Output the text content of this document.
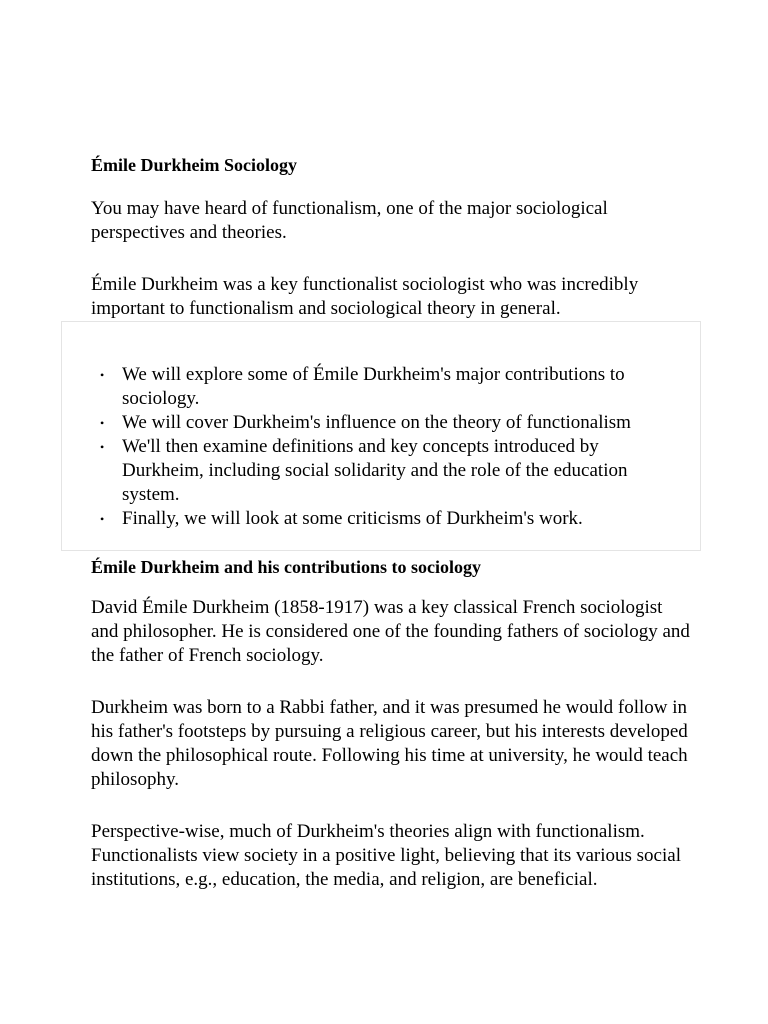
Émile Durkheim Sociology

You may have heard of functionalism, one of the major sociological perspectives and theories.

Émile Durkheim was a key functionalist sociologist who was incredibly important to functionalism and sociological theory in general.

• We will explore some of Émile Durkheim's major contributions to sociology.
• We will cover Durkheim's influence on the theory of functionalism
• We'll then examine definitions and key concepts introduced by Durkheim, including social solidarity and the role of the education system.
• Finally, we will look at some criticisms of Durkheim's work.
Émile Durkheim and his contributions to sociology

David Émile Durkheim (1858-1917) was a key classical French sociologist and philosopher. He is considered one of the founding fathers of sociology and the father of French sociology.

Durkheim was born to a Rabbi father, and it was presumed he would follow in his father's footsteps by pursuing a religious career, but his interests developed down the philosophical route. Following his time at university, he would teach philosophy.

Perspective-wise, much of Durkheim's theories align with functionalism. Functionalists view society in a positive light, believing that its various social institutions, e.g., education, the media, and religion, are beneficial.
